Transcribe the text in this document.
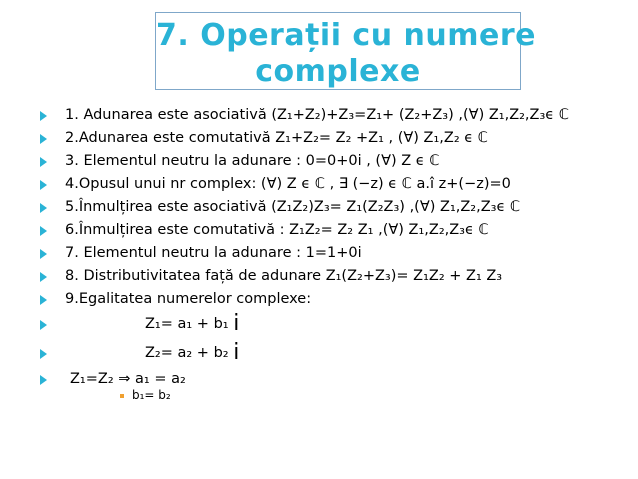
7. Operații cu numere
complexe
1. Adunarea este asociativă (Z₁+Z₂)+Z₃=Z₁+ (Z₂+Z₃) ,(∀) Z₁,Z₂,Z₃ϵ ℂ
2.Adunarea este comutativă Z₁+Z₂= Z₂ +Z₁ , (∀) Z₁,Z₂ ϵ ℂ
3. Elementul neutru la adunare : 0=0+0i , (∀) Z ϵ ℂ
4.Opusul unui nr complex: (∀) Z ϵ ℂ , ∃ (−z) ϵ ℂ a.î z+(−z)=0
5.Înmulțirea este asociativă (Z₁Z₂)Z₃= Z₁(Z₂Z₃) ,(∀) Z₁,Z₂,Z₃ϵ ℂ
6.Înmulțirea este comutativă : Z₁Z₂= Z₂ Z₁ ,(∀) Z₁,Z₂,Z₃ϵ ℂ
7. Elementul neutru la adunare : 1=1+0i
8. Distributivitatea față de adunare Z₁(Z₂+Z₃)= Z₁Z₂ + Z₁ Z₃
9.Egalitatea numerelor complexe:
Z₁= a₁ + b₁ i
Z₂= a₂ + b₂ i
Z₁=Z₂ ⇒ a₁ = a₂
b₁= b₂
